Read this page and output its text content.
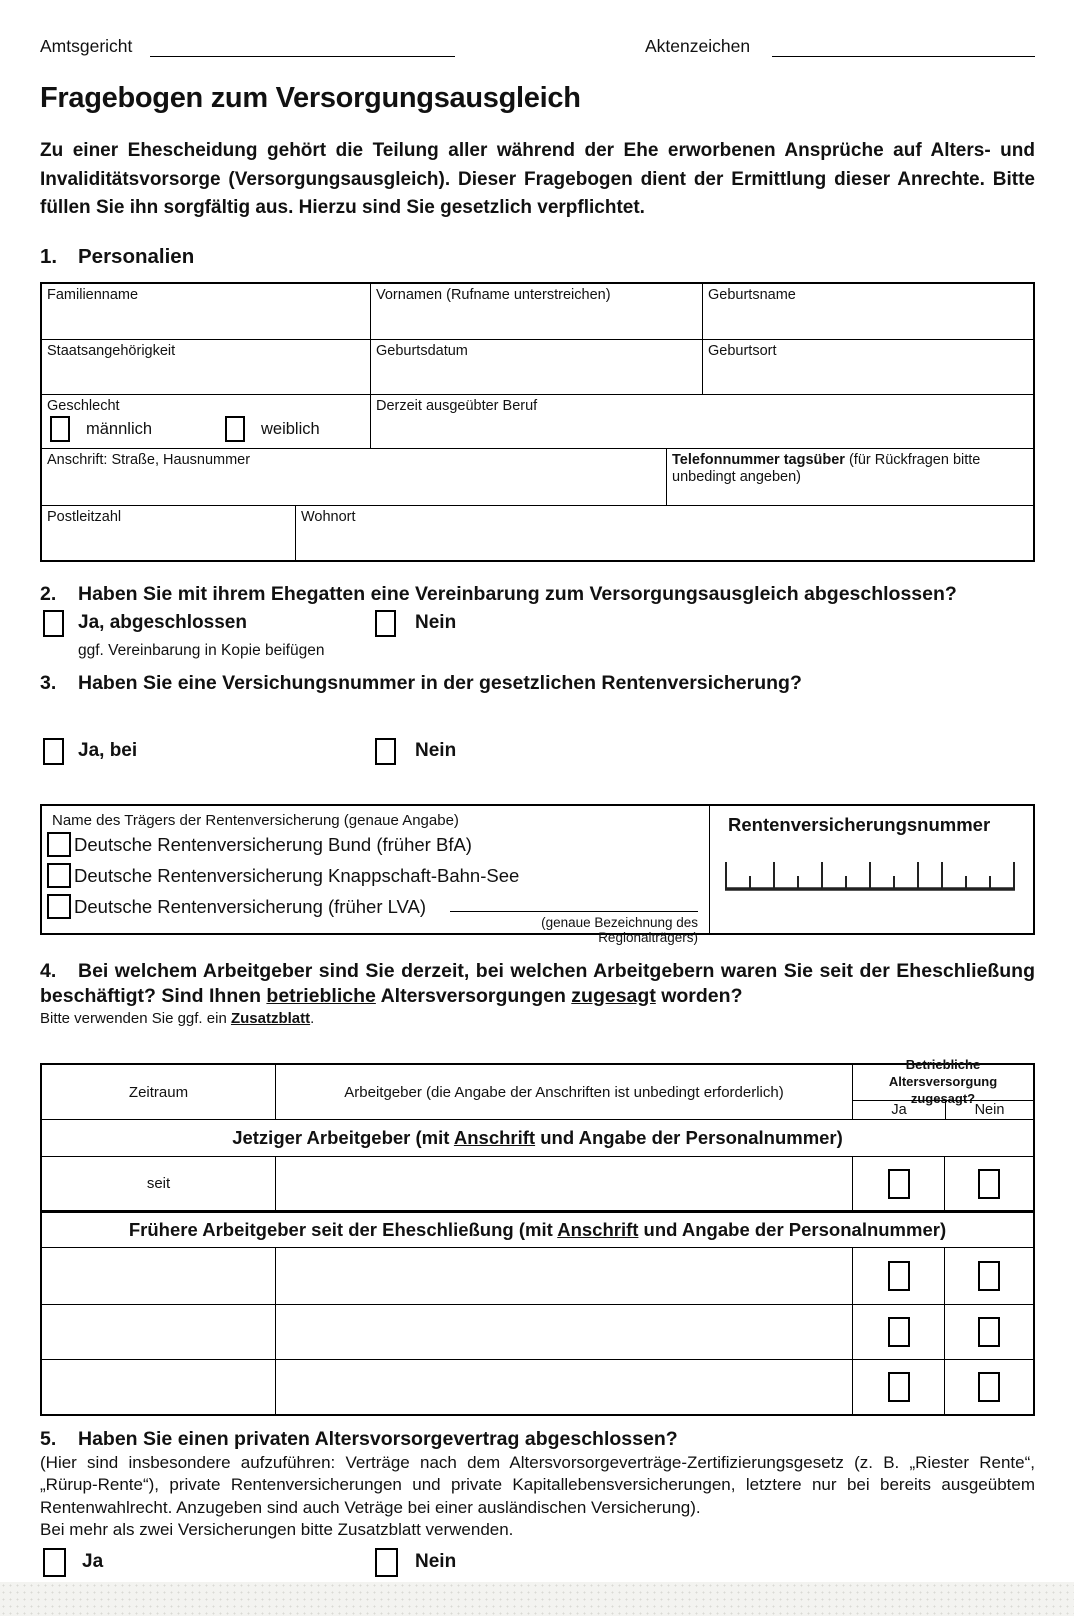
Amtsgericht	Aktenzeichen
Fragebogen zum Versorgungsausgleich

Zu einer Ehescheidung gehört die Teilung aller während der Ehe erworbenen Ansprüche auf Alters- und Invaliditätsvorsorge (Versorgungsausgleich). Dieser Fragebogen dient der Ermittlung dieser Anrechte. Bitte füllen Sie ihn sorgfältig aus. Hierzu sind Sie gesetzlich verpflichtet.

1. Personalien
Familienname	Vornamen (Rufname unterstreichen)	Geburtsname
Staatsangehörigkeit	Geburtsdatum	Geburtsort
Geschlecht
männlich	weiblich
Derzeit ausgeübter Beruf
Anschrift: Straße, Hausnummer	Telefonnummer tagsüber (für Rückfragen bitte unbedingt angeben)
Postleitzahl	Wohnort
2. Haben Sie mit ihrem Ehegatten eine Vereinbarung zum Versorgungsausgleich abgeschlossen?
Ja, abgeschlossen	Nein
ggf. Vereinbarung in Kopie beifügen
3. Haben Sie eine Versichungsnummer in der gesetzlichen Rentenversicherung?
Ja, bei	Nein
Name des Trägers der Rentenversicherung (genaue Angabe)
Deutsche Rentenversicherung Bund (früher BfA)
Deutsche Rentenversicherung Knappschaft-Bahn-See
Deutsche Rentenversicherung (früher LVA)
(genaue Bezeichnung des Regionalträgers)
Rentenversicherungsnummer

4. Bei welchem Arbeitgeber sind Sie derzeit, bei welchen Arbeitgebern waren Sie seit der Eheschließung beschäftigt? Sind Ihnen betriebliche Altersversorgungen zugesagt worden?

Bitte verwenden Sie ggf. ein Zusatzblatt.

Zeitraum	Arbeitgeber (die Angabe der Anschriften ist unbedingt erforderlich)
Betriebliche Altersversorgung zugesagt?
Ja	Nein
Jetziger Arbeitgeber (mit Anschrift und Angabe der Personalnummer)
seit
Frühere Arbeitgeber seit der Eheschließung (mit Anschrift und Angabe der Personalnummer)
5. Haben Sie einen privaten Altersvorsorgevertrag abgeschlossen?

(Hier sind insbesondere aufzuführen: Verträge nach dem Altersvorsorgeverträge-Zertifizierungsgesetz (z. B. „Riester Rente“, „Rürup-Rente“), private Rentenversicherungen und private Kapitallebensversicherungen, letztere nur bei bereits ausgeübtem Rentenwahlrecht. Anzugeben sind auch Veträge bei einer ausländischen Versicherung).
Bei mehr als zwei Versicherungen bitte Zusatzblatt verwenden.

Ja	Nein
